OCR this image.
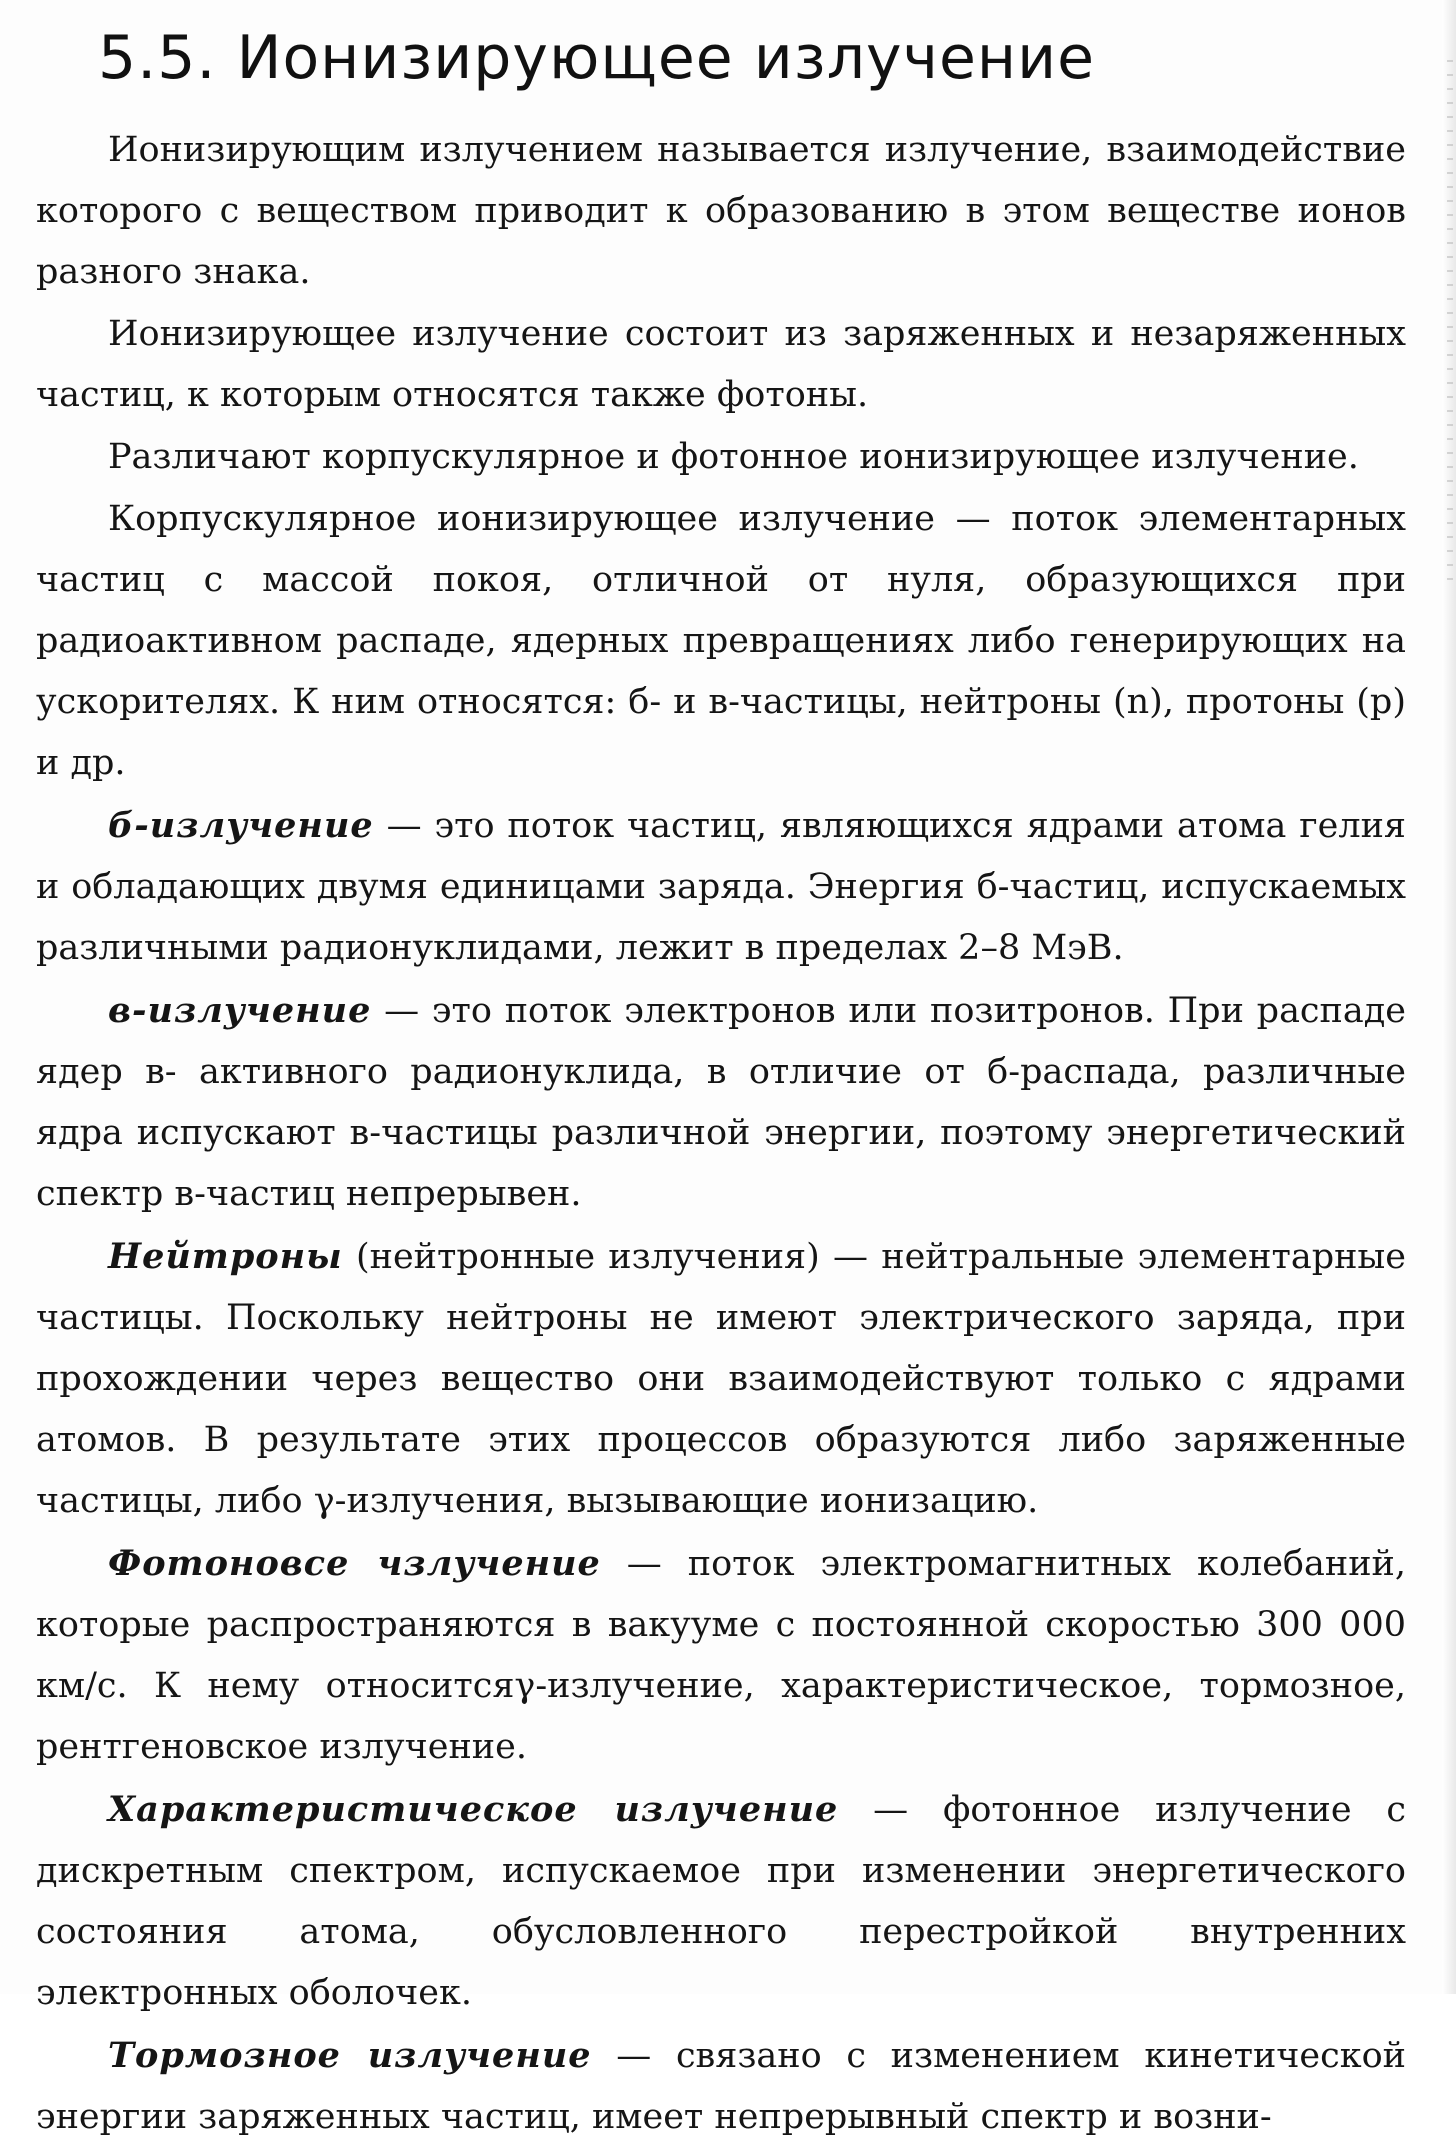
5.5. Ионизирующее излучение

Ионизирующим излучением называется излучение, взаимодействие которого с веществом приводит к образованию в этом веществе ионов разного знака.

Ионизирующее излучение состоит из заряженных и незаряженных частиц, к которым относятся также фотоны.

Различают корпускулярное и фотонное ионизирующее излучение.

Корпускулярное ионизирующее излучение — поток элементарных частиц с массой покоя, отличной от нуля, образующихся при радиоактивном распаде, ядерных превращениях либо генерирующих на ускорителях. К ним относятся: б- и в-частицы, нейтроны (n), протоны (р) и др.

б-излучение — это поток частиц, являющихся ядрами атома гелия и обладающих двумя единицами заряда. Энергия б-частиц, испускаемых различными радионуклидами, лежит в пределах 2–8 МэВ.

в-излучение — это поток электронов или позитронов. При распаде ядер в- активного радионуклида, в отличие от б-распада, различные ядра испускают в-частицы различной энергии, поэтому энергетический спектр в-частиц непрерывен.

Нейтроны (нейтронные излучения) — нейтральные элементарные частицы. Поскольку нейтроны не имеют электрического заряда, при прохождении через вещество они взаимодействуют только с ядрами атомов. В результате этих процессов образуются либо заряженные частицы, либо γ-излучения, вызывающие ионизацию.

Фотоновсе чзлучение — поток электромагнитных колебаний, которые распространяются в вакууме с постоянной скоростью 300 000 км/с. К нему относитсяγ-излучение, характеристическое, тормозное, рентгеновское излучение.

Характеристическое излучение — фотонное излучение с дискретным спектром, испускаемое при изменении энергетического состояния атома, обусловленного перестройкой внутренних электронных оболочек.

Тормозное излучение — связано с изменением кинетической энергии заряженных частиц, имеет непрерывный спектр и возни-
